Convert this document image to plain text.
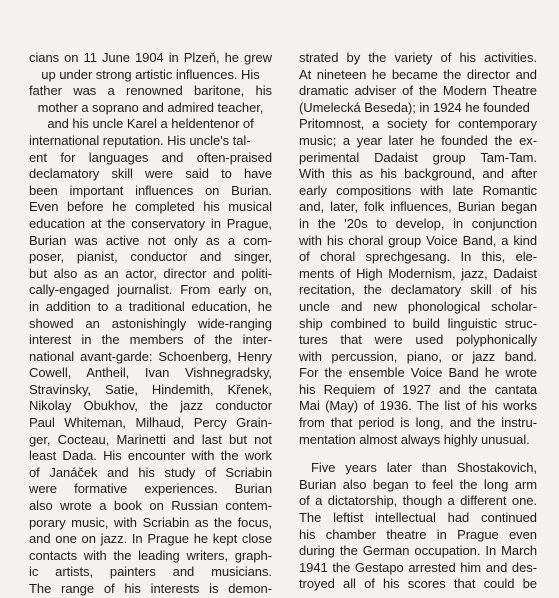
cians on 11 June 1904 in Plzeň, he grew
up under strong artistic influences. His
father was a renowned baritone, his
mother a soprano and admired teacher,
and his uncle Karel a heldentenor of
international reputation. His uncle's tal-
ent for languages and often-praised
declamatory skill were said to have
been important influences on Burian.
Even before he completed his musical
education at the conservatory in Prague,
Burian was active not only as a com-
poser, pianist, conductor and singer,
but also as an actor, director and politi-
cally-engaged journalist. From early on,
in addition to a traditional education, he
showed an astonishingly wide-ranging
interest in the members of the inter-
national avant-garde: Schoenberg, Henry
Cowell, Antheil, Ivan Vishnegradsky,
Stravinsky, Satie, Hindemith, Křenek,
Nikolay Obukhov, the jazz conductor
Paul Whiteman, Milhaud, Percy Grain-
ger, Cocteau, Marinetti and last but not
least Dada. His encounter with the work
of Janáček and his study of Scriabin
were formative experiences. Burian
also wrote a book on Russian contem-
porary music, with Scriabin as the focus,
and one on jazz. In Prague he kept close
contacts with the leading writers, graph-
ic artists, painters and musicians.
The range of his interests is demon-
strated by the variety of his activities.
At nineteen he became the director and
dramatic adviser of the Modern Theatre
(Umelecká Beseda); in 1924 he founded
Pritomnost, a society for contemporary
music; a year later he founded the ex-
perimental Dadaist group Tam-Tam.
With this as his background, and after
early compositions with late Romantic
and, later, folk influences, Burian began
in the '20s to develop, in conjunction
with his choral group Voice Band, a kind
of choral sprechgesang. In this, ele-
ments of High Modernism, jazz, Dadaist
recitation, the declamatory skill of his
uncle and new phonological scholar-
ship combined to build linguistic struc-
tures that were used polyphonically
with percussion, piano, or jazz band.
For the ensemble Voice Band he wrote
his Requiem of 1927 and the cantata
Mai (May) of 1936. The list of his works
from that period is long, and the instru-
mentation almost always highly unusual.
Five years later than Shostakovich,
Burian also began to feel the long arm
of a dictatorship, though a different one.
The leftist intellectual had continued
his chamber theatre in Prague even
during the German occupation. In March
1941 the Gestapo arrested him and des-
troyed all of his scores that could be
